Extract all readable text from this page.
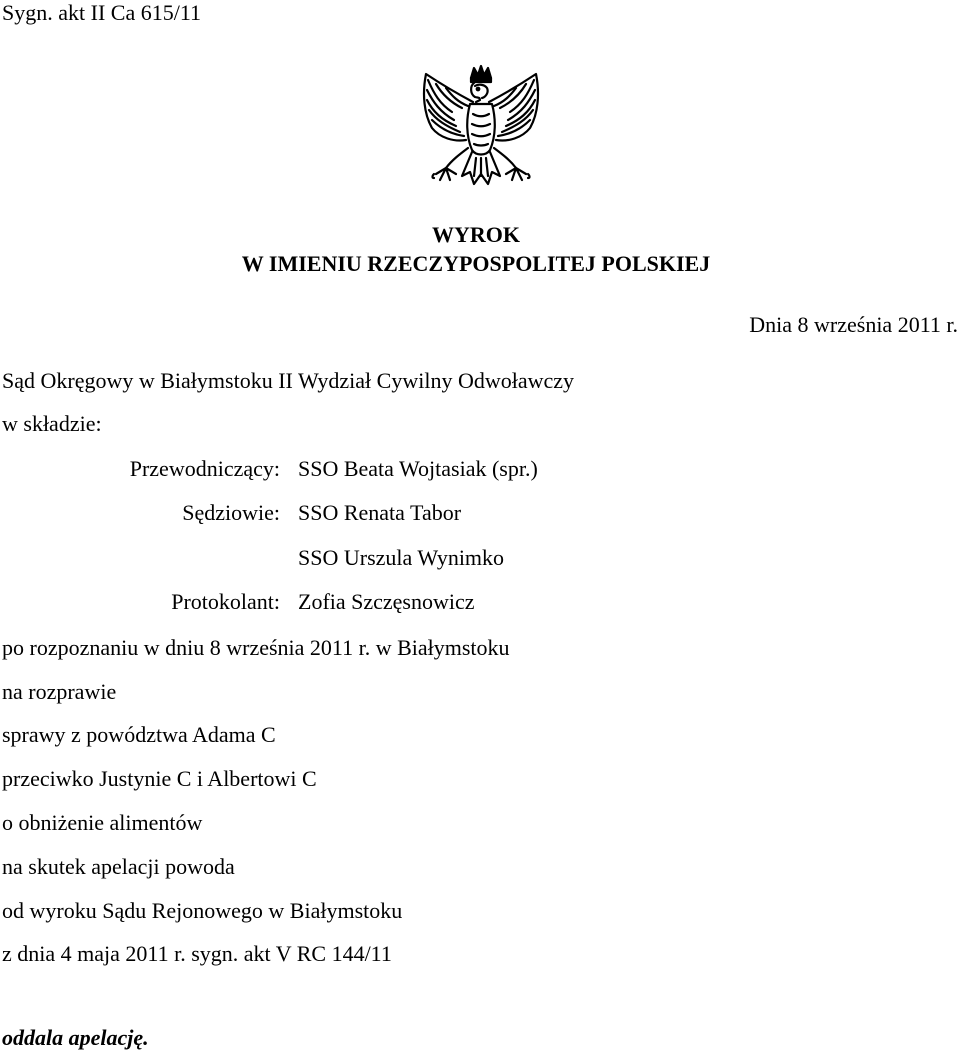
Sygn. akt II Ca 615/11
WYROK
W IMIENIU RZECZYPOSPOLITEJ POLSKIEJ
Dnia 8 września 2011 r.
Sąd Okręgowy w Białymstoku II Wydział Cywilny Odwoławczy
w składzie:
Przewodniczący: SSO Beata Wojtasiak (spr.)
Sędziowie: SSO Renata Tabor
SSO Urszula Wynimko
Protokolant: Zofia Szczęsnowicz
po rozpoznaniu w dniu 8 września 2011 r. w Białymstoku
na rozprawie
sprawy z powództwa Adama C
przeciwko Justynie C i Albertowi C
o obniżenie alimentów
na skutek apelacji powoda
od wyroku Sądu Rejonowego w Białymstoku
z dnia 4 maja 2011 r. sygn. akt V RC 144/11
oddala apelację.
